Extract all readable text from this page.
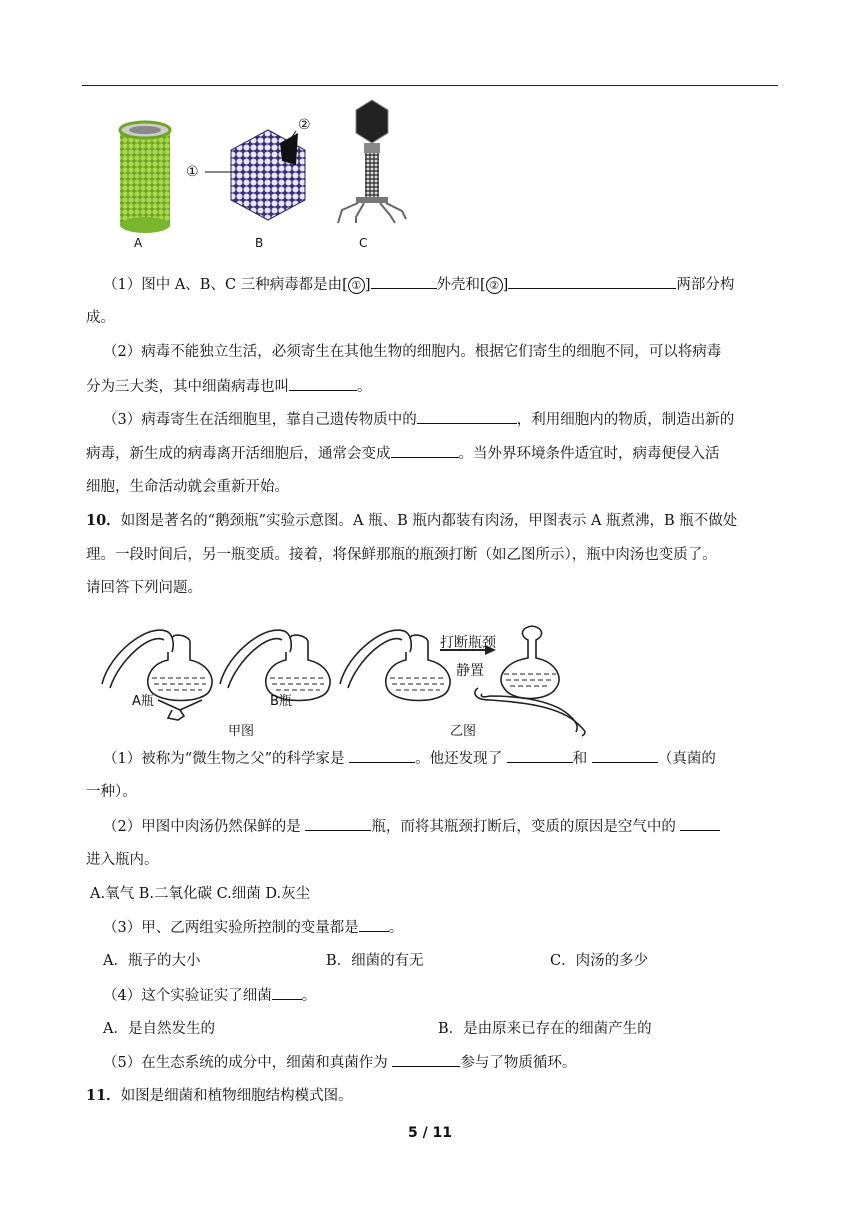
①
②
A	B	C
（1）图中 A、B、C 三种病毒都是由[ ① ]	外壳和[ ② ]	两部分构
成。
（2）病毒不能独立生活，必须寄生在其他生物的细胞内。根据它们寄生的细胞不同，可以将病毒
分为三大类，其中细菌病毒也叫	。
（3）病毒寄生在活细胞里，靠自己遗传物质中的	，利用细胞内的物质，制造出新的
病毒，新生成的病毒离开活细胞后，通常会变成	。当外界环境条件适宜时，病毒便侵入活
细胞，生命活动就会重新开始。
10．如图是著名的“鹅颈瓶”实验示意图。A 瓶、B 瓶内都装有肉汤，甲图表示 A 瓶煮沸，B 瓶不做处
理。一段时间后，另一瓶变质。接着，将保鲜那瓶的瓶颈打断（如乙图所示），瓶中肉汤也变质了。
请回答下列问题。
A瓶	B瓶
打断瓶颈
静置
甲图	乙图
（1）被称为“微生物之父”的科学家是	。他还发现了	和	（真菌的
一种）。
（2）甲图中肉汤仍然保鲜的是	瓶，而将其瓶颈打断后，变质的原因是空气中的
进入瓶内。
A.氧气 B.二氧化碳 C.细菌 D.灰尘
（3）甲、乙两组实验所控制的变量都是 。
A．瓶子的大小	B．细菌的有无	C．肉汤的多少
（4）这个实验证实了细菌 。
A．是自然发生的	B．是由原来已存在的细菌产生的
（5）在生态系统的成分中，细菌和真菌作为	参与了物质循环。
11．如图是细菌和植物细胞结构模式图。
5 / 11
